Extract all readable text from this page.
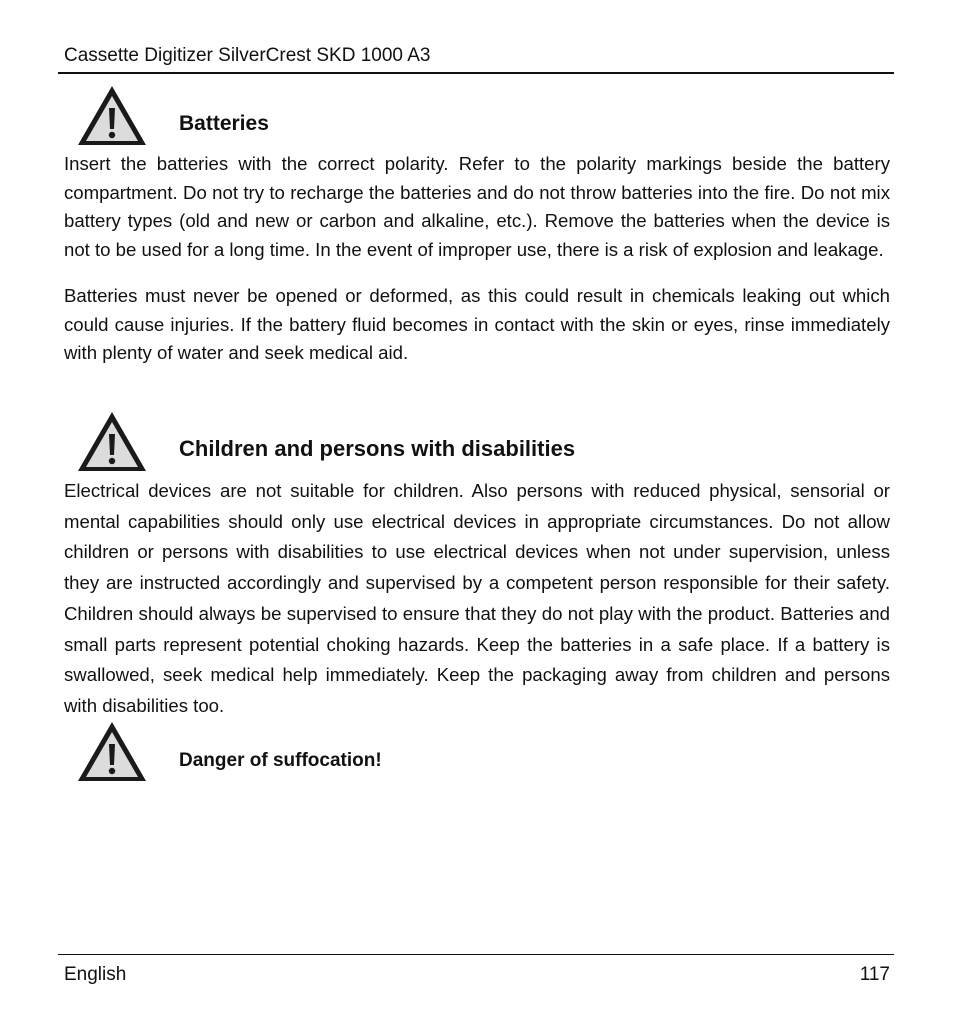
Cassette Digitizer SilverCrest SKD 1000 A3
Batteries

Insert the batteries with the correct polarity. Refer to the polarity markings beside the battery compartment. Do not try to recharge the batteries and do not throw batteries into the fire. Do not mix battery types (old and new or carbon and alkaline, etc.). Remove the batteries when the device is not to be used for a long time. In the event of improper use, there is a risk of explosion and leakage.

Batteries must never be opened or deformed, as this could result in chemicals leaking out which could cause injuries. If the battery fluid becomes in contact with the skin or eyes, rinse immediately with plenty of water and seek medical aid.

Children and persons with disabilities

Electrical devices are not suitable for children. Also persons with reduced physical, sensorial or mental capabilities should only use electrical devices in appropriate circumstances. Do not allow children or persons with disabilities to use electrical devices when not under supervision, unless they are instructed accordingly and supervised by a competent person responsible for their safety. Children should always be supervised to ensure that they do not play with the product. Batteries and small parts represent potential choking hazards. Keep the batteries in a safe place. If a battery is swallowed, seek medical help immediately. Keep the packaging away from children and persons with disabilities too.

Danger of suffocation!
English	117
